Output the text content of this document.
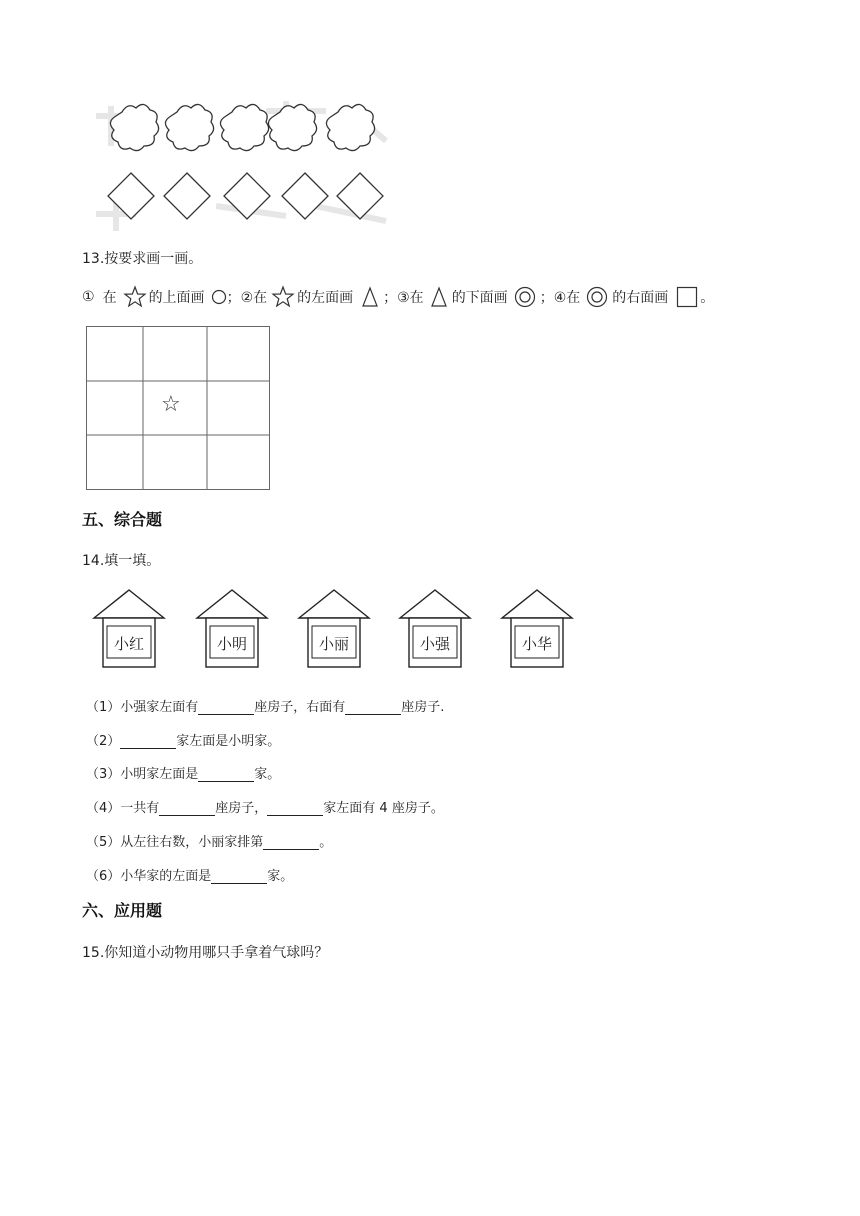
13.按要求画一画。
① 在 的上面画 ； ②在 的左面画 ； ③在 的下面画 ； ④在 的右面画 。
☆
五、综合题
14.填一填。
小红	小明	小丽	小强	小华
（1）小强家左面有	座房子，右面有	座房子.
（2）	家左面是小明家。
（3）小明家左面是	家。
（4）一共有	座房子，	家左面有 4 座房子。
（5）从左往右数，小丽家排第	。
（6）小华家的左面是	家。
六、应用题
15.你知道小动物用哪只手拿着气球吗？
